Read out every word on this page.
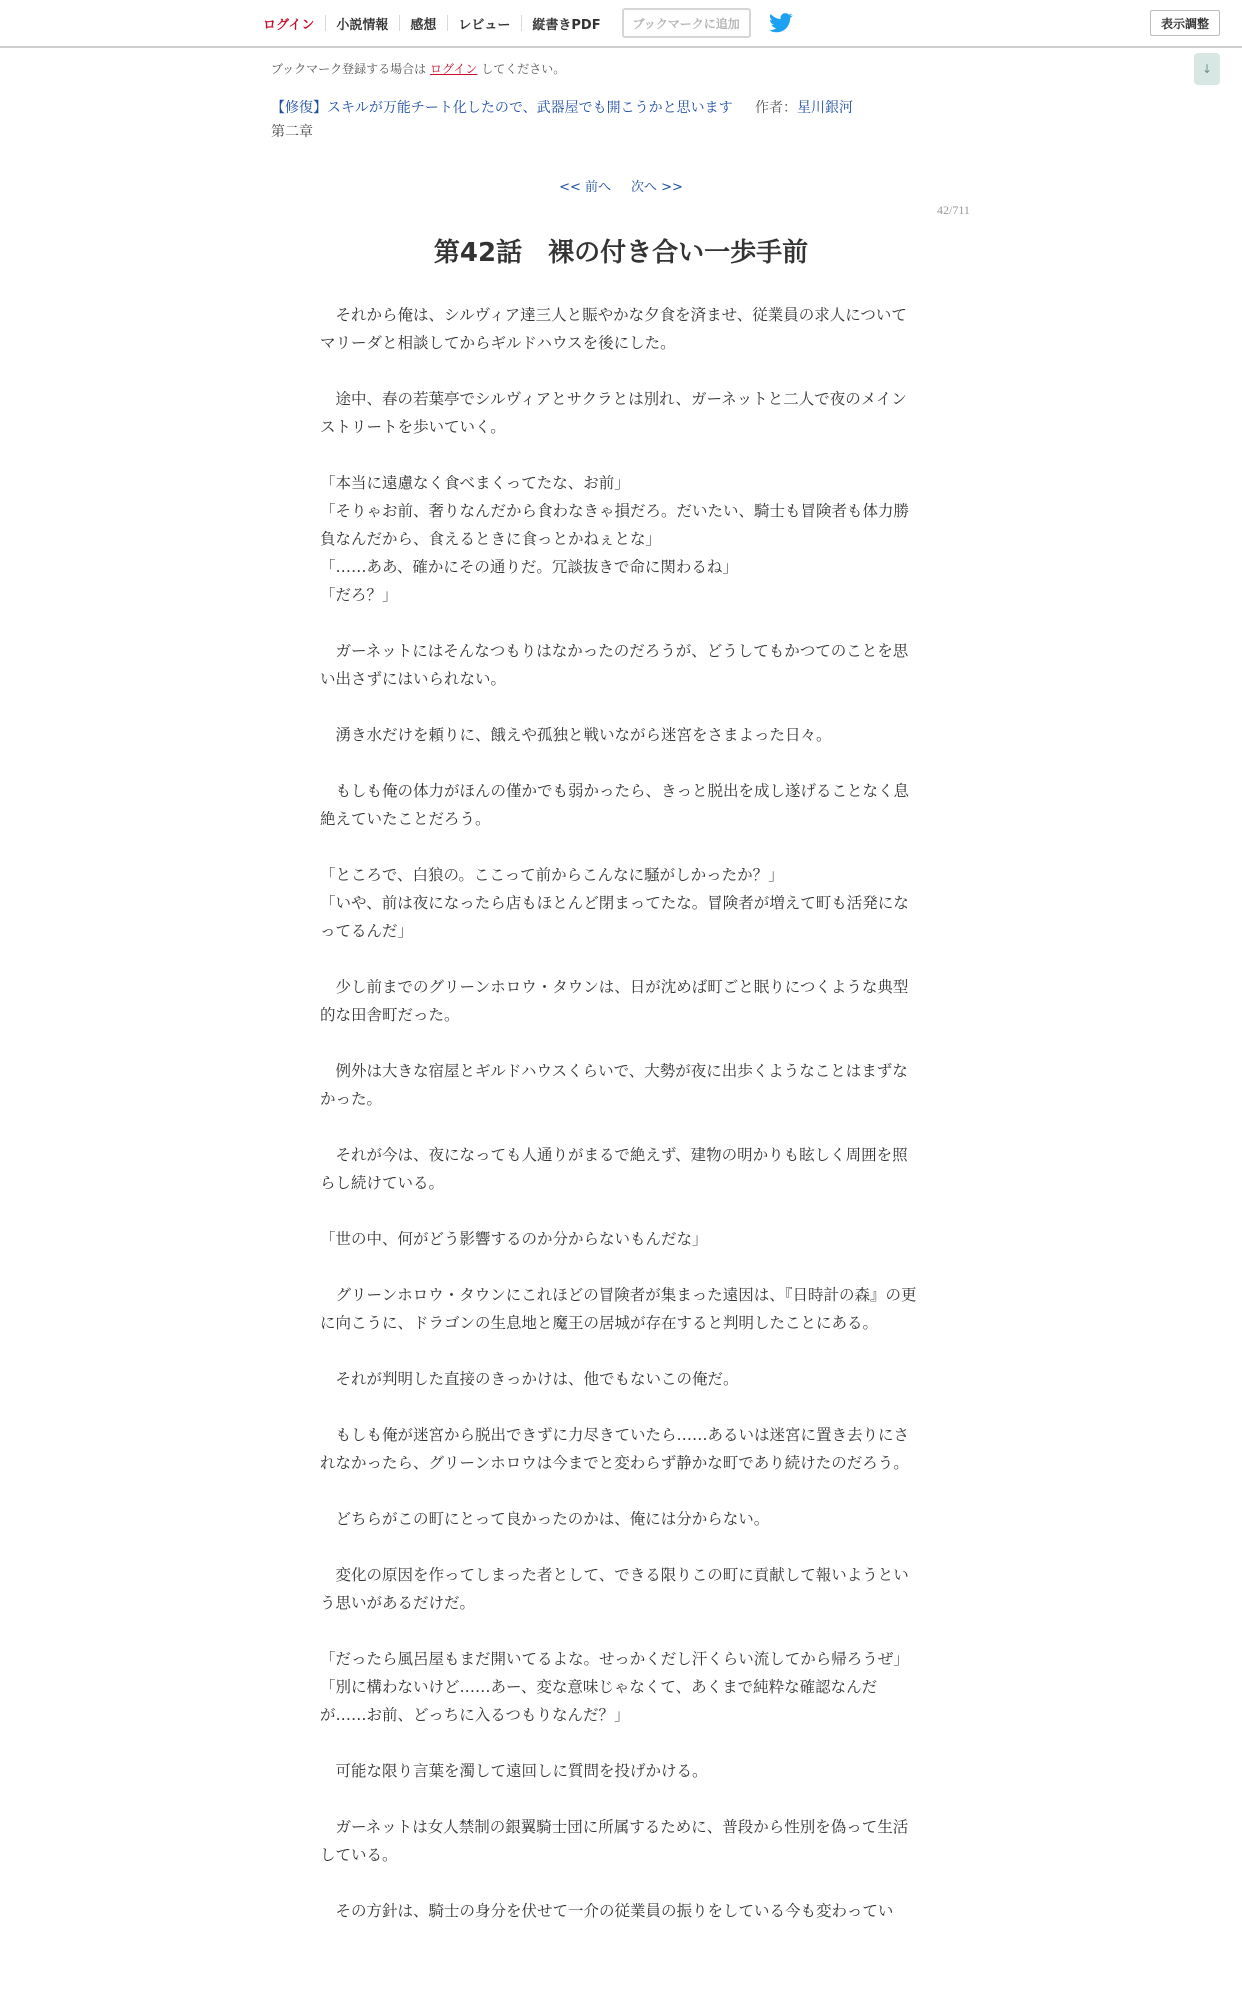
ログイン	小説情報	感想	レビュー	縦書きPDF	ブックマークに追加	表示調整
↓
ブックマーク登録する場合は ログイン してください。
【修復】スキルが万能チート化したので、武器屋でも開こうかと思います 作者：星川銀河
第二章
<< 前へ 次へ >>
42/711
第42話　裸の付き合い一歩手前

　それから俺は、シルヴィア達三人と賑やかな夕食を済ませ、従業員の求人についてマリーダと相談してからギルドハウスを後にした。

　途中、春の若葉亭でシルヴィアとサクラとは別れ、ガーネットと二人で夜のメインストリートを歩いていく。

「本当に遠慮なく食べまくってたな、お前」

「そりゃお前、奢りなんだから食わなきゃ損だろ。だいたい、騎士も冒険者も体力勝負なんだから、食えるときに食っとかねぇとな」

「……ああ、確かにその通りだ。冗談抜きで命に関わるね」

「だろ？」

　ガーネットにはそんなつもりはなかったのだろうが、どうしてもかつてのことを思い出さずにはいられない。

　湧き水だけを頼りに、餓えや孤独と戦いながら迷宮をさまよった日々。

　もしも俺の体力がほんの僅かでも弱かったら、きっと脱出を成し遂げることなく息絶えていたことだろう。

「ところで、白狼の。ここって前からこんなに騒がしかったか？」

「いや、前は夜になったら店もほとんど閉まってたな。冒険者が増えて町も活発になってるんだ」

　少し前までのグリーンホロウ・タウンは、日が沈めば町ごと眠りにつくような典型的な田舎町だった。

　例外は大きな宿屋とギルドハウスくらいで、大勢が夜に出歩くようなことはまずなかった。

　それが今は、夜になっても人通りがまるで絶えず、建物の明かりも眩しく周囲を照らし続けている。

「世の中、何がどう影響するのか分からないもんだな」

　グリーンホロウ・タウンにこれほどの冒険者が集まった遠因は、『日時計の森』の更に向こうに、ドラゴンの生息地と魔王の居城が存在すると判明したことにある。

　それが判明した直接のきっかけは、他でもないこの俺だ。

　もしも俺が迷宮から脱出できずに力尽きていたら……あるいは迷宮に置き去りにされなかったら、グリーンホロウは今までと変わらず静かな町であり続けたのだろう。

　どちらがこの町にとって良かったのかは、俺には分からない。

　変化の原因を作ってしまった者として、できる限りこの町に貢献して報いようという思いがあるだけだ。

「だったら風呂屋もまだ開いてるよな。せっかくだし汗くらい流してから帰ろうぜ」

「別に構わないけど……あー、変な意味じゃなくて、あくまで純粋な確認なんだが……お前、どっちに入るつもりなんだ？」

　可能な限り言葉を濁して遠回しに質問を投げかける。

　ガーネットは女人禁制の銀翼騎士団に所属するために、普段から性別を偽って生活している。

　その方針は、騎士の身分を伏せて一介の従業員の振りをしている今も変わってい
